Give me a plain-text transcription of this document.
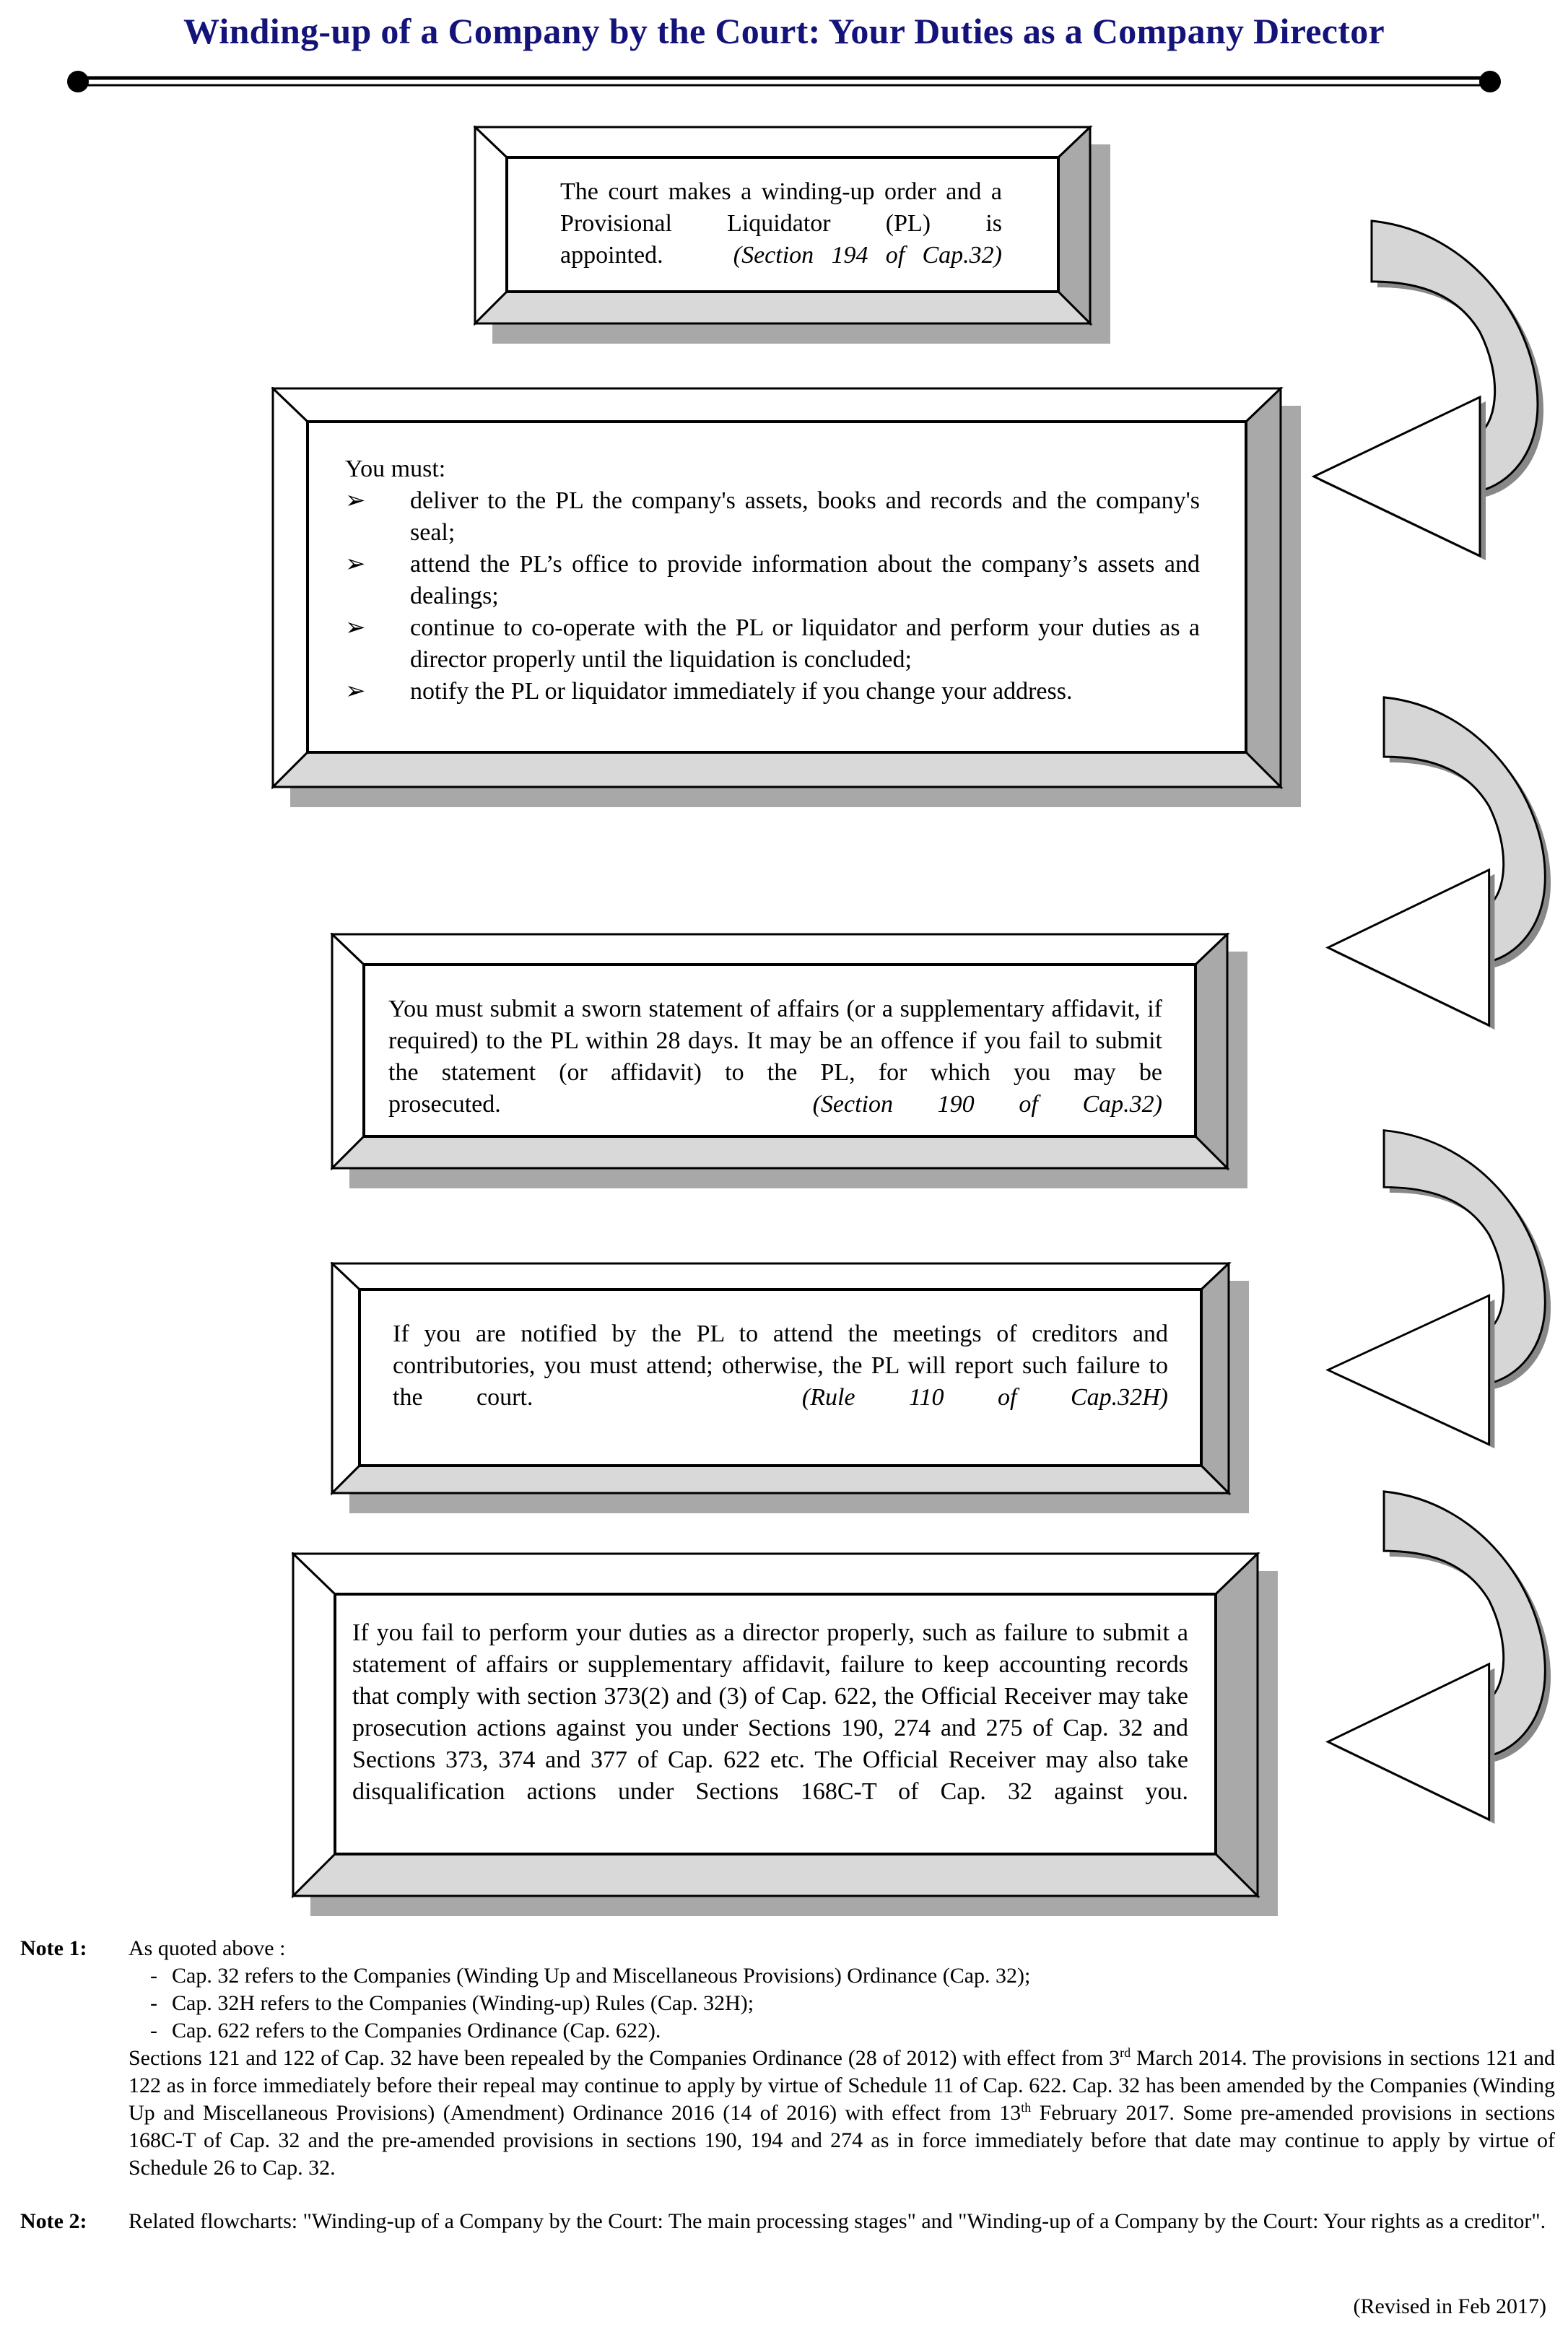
Winding-up of a Company by the Court: Your Duties as a Company Director
The court makes a winding-up order and a Provisional Liquidator (PL) is appointed.	(Section 194 of Cap.32)
You must:
➢ deliver to the PL the company's assets, books and records and the company's seal;
➢ attend the PL’s office to provide information about the company’s assets and dealings;
➢ continue to co-operate with the PL or liquidator and perform your duties as a director properly until the liquidation is concluded;
➢ notify the PL or liquidator immediately if you change your address.
You must submit a sworn statement of affairs (or a supplementary affidavit, if required) to the PL within 28 days. It may be an offence if you fail to submit the statement (or affidavit) to the PL, for which you may be prosecuted.	(Section 190 of Cap.32)
If you are notified by the PL to attend the meetings of creditors and contributories, you must attend; otherwise, the PL will report such failure to the court.	(Rule 110 of Cap.32H)
If you fail to perform your duties as a director properly, such as failure to submit a statement of affairs or supplementary affidavit, failure to keep accounting records that comply with section 373(2) and (3) of Cap. 622, the Official Receiver may take prosecution actions against you under Sections 190, 274 and 275 of Cap. 32 and Sections 373, 374 and 377 of Cap. 622 etc. The Official Receiver may also take disqualification actions under Sections 168C-T of Cap. 32 against you.
Note 1: As quoted above :
- Cap. 32 refers to the Companies (Winding Up and Miscellaneous Provisions) Ordinance (Cap. 32);
- Cap. 32H refers to the Companies (Winding-up) Rules (Cap. 32H);
- Cap. 622 refers to the Companies Ordinance (Cap. 622).

Sections 121 and 122 of Cap. 32 have been repealed by the Companies Ordinance (28 of 2012) with effect from 3rd March 2014. The provisions in sections 121 and 122 as in force immediately before their repeal may continue to apply by virtue of Schedule 11 of Cap. 622. Cap. 32 has been amended by the Companies (Winding Up and Miscellaneous Provisions) (Amendment) Ordinance 2016 (14 of 2016) with effect from 13th February 2017. Some pre-amended provisions in sections 168C-T of Cap. 32 and the pre-amended provisions in sections 190, 194 and 274 as in force immediately before that date may continue to apply by virtue of Schedule 26 to Cap. 32.

Note 2: Related flowcharts: "Winding-up of a Company by the Court: The main processing stages" and "Winding-up of a Company by the Court: Your rights as a creditor".

(Revised in Feb 2017)
